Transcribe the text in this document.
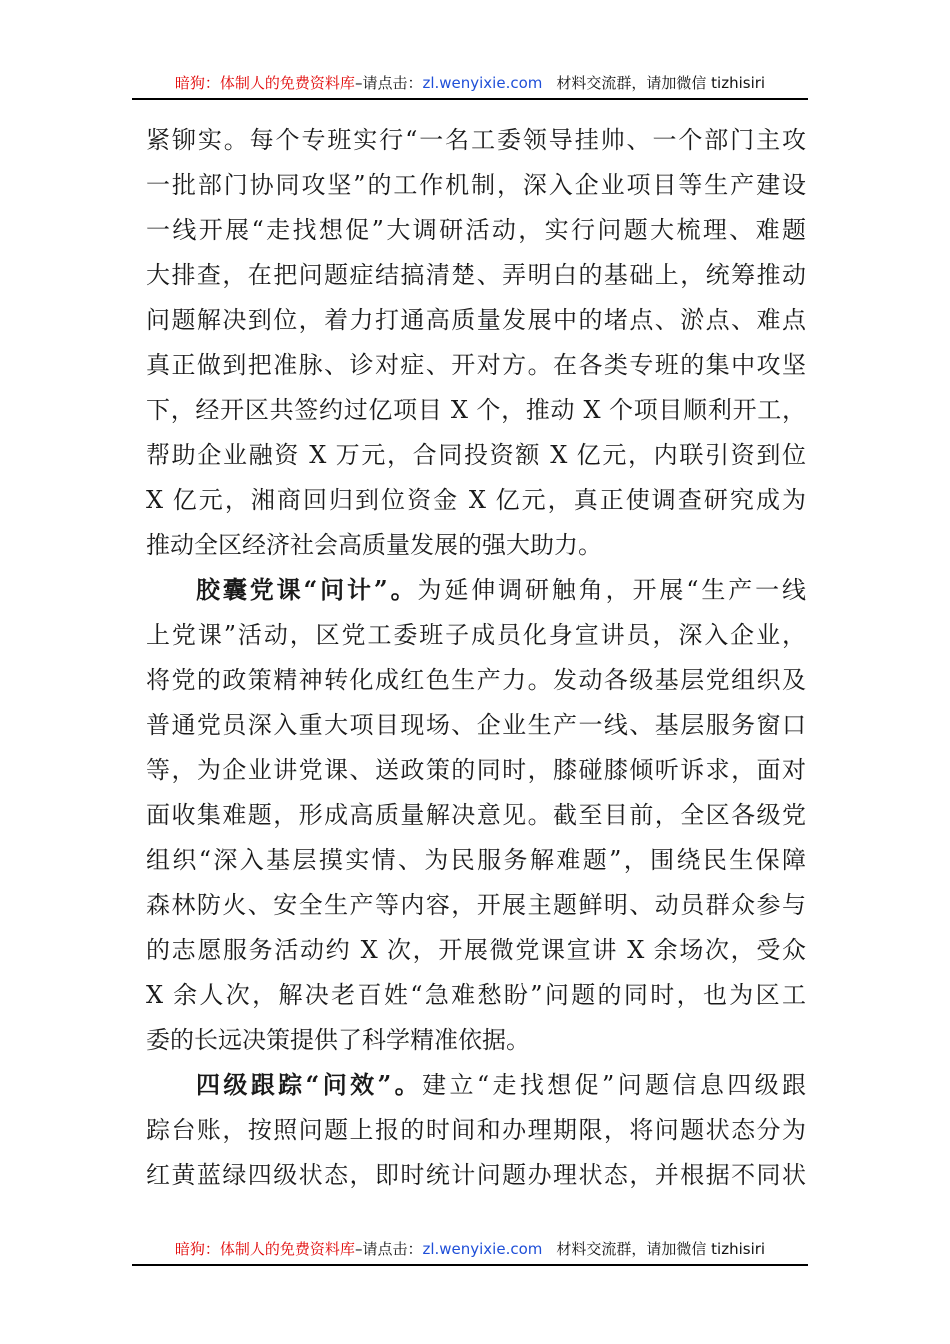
暗狗：体制人的免费资料库–请点击：zl.wenyixie.com 材料交流群，请加微信 tizhisiri
紧铆实。每个专班实行“一名工委领导挂帅、一个部门主攻
一批部门协同攻坚”的工作机制，深入企业项目等生产建设
一线开展“走找想促”大调研活动，实行问题大梳理、难题
大排查，在把问题症结搞清楚、弄明白的基础上，统筹推动
问题解决到位，着力打通高质量发展中的堵点、淤点、难点
真正做到把准脉、诊对症、开对方。在各类专班的集中攻坚
下，经开区共签约过亿项目 X 个，推动 X 个项目顺利开工，
帮助企业融资 X 万元，合同投资额 X 亿元，内联引资到位
X 亿元，湘商回归到位资金 X 亿元，真正使调查研究成为
推动全区经济社会高质量发展的强大助力。
胶囊党课“问计”。为延伸调研触角，开展“生产一线
上党课”活动，区党工委班子成员化身宣讲员，深入企业，
将党的政策精神转化成红色生产力。发动各级基层党组织及
普通党员深入重大项目现场、企业生产一线、基层服务窗口
等，为企业讲党课、送政策的同时，膝碰膝倾听诉求，面对
面收集难题，形成高质量解决意见。截至目前，全区各级党
组织“深入基层摸实情、为民服务解难题”，围绕民生保障
森林防火、安全生产等内容，开展主题鲜明、动员群众参与
的志愿服务活动约 X 次，开展微党课宣讲 X 余场次，受众
X 余人次，解决老百姓“急难愁盼”问题的同时，也为区工
委的长远决策提供了科学精准依据。
四级跟踪“问效”。建立“走找想促”问题信息四级跟
踪台账，按照问题上报的时间和办理期限，将问题状态分为
红黄蓝绿四级状态，即时统计问题办理状态，并根据不同状
暗狗：体制人的免费资料库–请点击：zl.wenyixie.com 材料交流群，请加微信 tizhisiri
